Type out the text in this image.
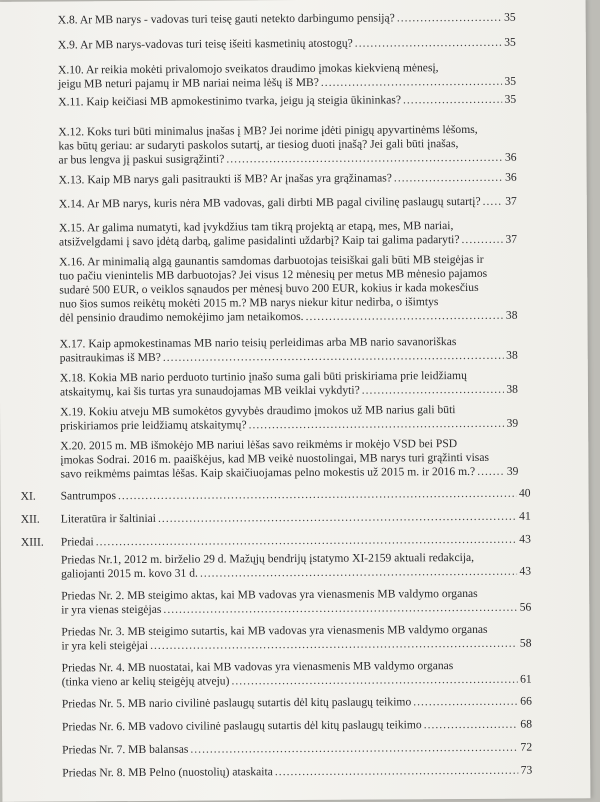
X.8. Ar MB narys - vadovas turi teisę gauti netekto darbingumo pensiją? .....	35
X.9. Ar MB narys-vadovas turi teisę išeiti kasmetinių atostogų? .....	35
X.10. Ar reikia mokėti privalomojo sveikatos draudimo įmokas kiekvieną mėnesį,
jeigu MB neturi pajamų ir MB nariai neima lėšų iš MB? .....	35
X.11. Kaip keičiasi MB apmokestinimo tvarka, jeigu ją steigia ūkininkas? .....	35
X.12. Koks turi būti minimalus įnašas į MB? Jei norime įdėti pinigų apyvartinėms lėšoms,
kas būtų geriau: ar sudaryti paskolos sutartį, ar tiesiog duoti įnašą? Jei gali būti įnašas,
ar bus lengva jį paskui susigrąžinti? .....	36
X.13. Kaip MB narys gali pasitraukti iš MB? Ar įnašas yra grąžinamas? .....	36
X.14. Ar MB narys, kuris nėra MB vadovas, gali dirbti MB pagal civilinę paslaugų sutartį? ..... 37
X.15. Ar galima numatyti, kad įvykdžius tam tikrą projektą ar etapą, mes, MB nariai,
atsižvelgdami į savo įdėtą darbą, galime pasidalinti uždarbį? Kaip tai galima padaryti? .....	37
X.16. Ar minimalią algą gaunantis samdomas darbuotojas teisiškai gali būti MB steigėjas ir
tuo pačiu vienintelis MB darbuotojas? Jei visus 12 mėnesių per metus MB mėnesio pajamos
sudarė 500 EUR, o veiklos sąnaudos per mėnesį buvo 200 EUR, kokius ir kada mokesčius
nuo šios sumos reikėtų mokėti 2015 m.? MB narys niekur kitur nedirba, o išimtys
dėl pensinio draudimo nemokėjimo jam netaikomos. .....	38
X.17. Kaip apmokestinamas MB nario teisių perleidimas arba MB nario savanoriškas
pasitraukimas iš MB? .....	38
X.18. Kokia MB nario perduoto turtinio įnašo suma gali būti priskiriama prie leidžiamų
atskaitymų, kai šis turtas yra sunaudojamas MB veiklai vykdyti? .....	38
X.19. Kokiu atveju MB sumokėtos gyvybės draudimo įmokos už MB narius gali būti
priskiriamos prie leidžiamų atskaitymų? .....	39
X.20. 2015 m. MB išmokėjo MB nariui lėšas savo reikmėms ir mokėjo VSD bei PSD
įmokas Sodrai. 2016 m. paaiškėjus, kad MB veikė nuostolingai, MB narys turi grąžinti visas
savo reikmėms paimtas lėšas. Kaip skaičiuojamas pelno mokestis už 2015 m. ir 2016 m.? .....	39
XI.	Santrumpos .....	40
XII.	Literatūra ir šaltiniai .....	41
XIII.	Priedai .....	43
Priedas Nr.1, 2012 m. birželio 29 d. Mažųjų bendrijų įstatymo XI-2159 aktuali redakcija,
galiojanti 2015 m. kovo 31 d. .....	43
Priedas Nr. 2. MB steigimo aktas, kai MB vadovas yra vienasmenis MB valdymo organas
ir yra vienas steigėjas .....	56
Priedas Nr. 3. MB steigimo sutartis, kai MB vadovas yra vienasmenis MB valdymo organas
ir yra keli steigėjai .....	58
Priedas Nr. 4. MB nuostatai, kai MB vadovas yra vienasmenis MB valdymo organas
(tinka vieno ar kelių steigėjų atveju) .....	61
Priedas Nr. 5. MB nario civilinė paslaugų sutartis dėl kitų paslaugų teikimo .....	66
Priedas Nr. 6. MB vadovo civilinė paslaugų sutartis dėl kitų paslaugų teikimo .....	68
Priedas Nr. 7. MB balansas .....	72
Priedas Nr. 8. MB Pelno (nuostolių) ataskaita .....	73
